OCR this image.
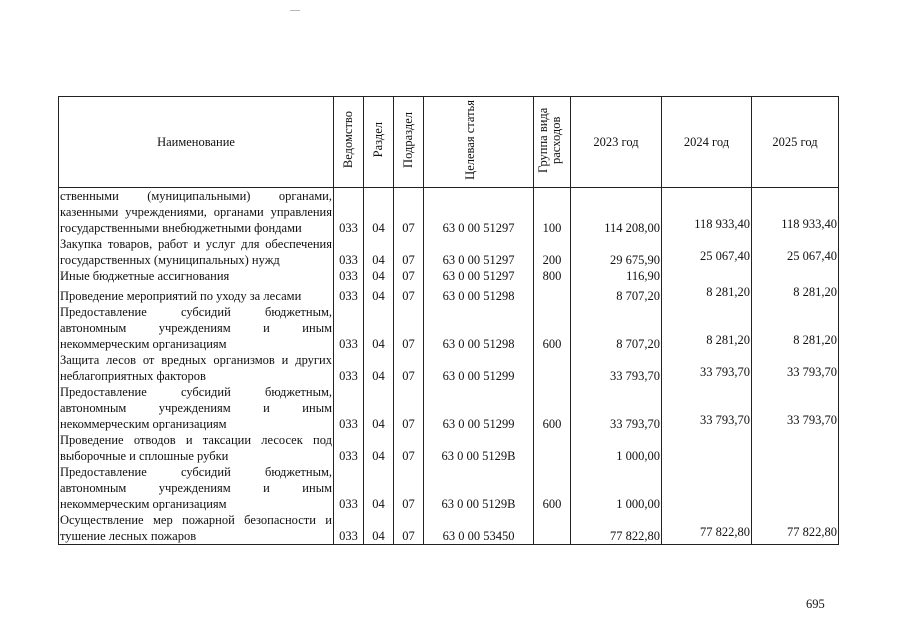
Наименование	Ведомство	Раздел	Подраздел	Целевая статья	Группа вида расходов	2023 год	2024 год	2025 год
ственными (муниципальными) органами, казенными учреждениями, органами управления государственными внебюджетными фондами	033	04	07	63 0 00 51297	100	114 208,00	118 933,40	118 933,40
Закупка товаров, работ и услуг для обеспечения государственных (муниципальных) нужд	033	04	07	63 0 00 51297	200	29 675,90	25 067,40	25 067,40
Иные бюджетные ассигнования	033	04	07	63 0 00 51297	800	116,90		
Проведение мероприятий по уходу за лесами	033	04	07	63 0 00 51298		8 707,20	8 281,20	8 281,20
Предоставление субсидий бюджетным, автономным учреждениям и иным некоммерческим организациям	033	04	07	63 0 00 51298	600	8 707,20	8 281,20	8 281,20
Защита лесов от вредных организмов и других неблагоприятных факторов	033	04	07	63 0 00 51299		33 793,70	33 793,70	33 793,70
Предоставление субсидий бюджетным, автономным учреждениям и иным некоммерческим организациям	033	04	07	63 0 00 51299	600	33 793,70	33 793,70	33 793,70
Проведение отводов и таксации лесосек под выборочные и сплошные рубки	033	04	07	63 0 00 5129В		1 000,00		
Предоставление субсидий бюджетным, автономным учреждениям и иным некоммерческим организациям	033	04	07	63 0 00 5129В	600	1 000,00		
Осуществление мер пожарной безопасности и тушение лесных пожаров	033	04	07	63 0 00 53450		77 822,80	77 822,80	77 822,80
695
